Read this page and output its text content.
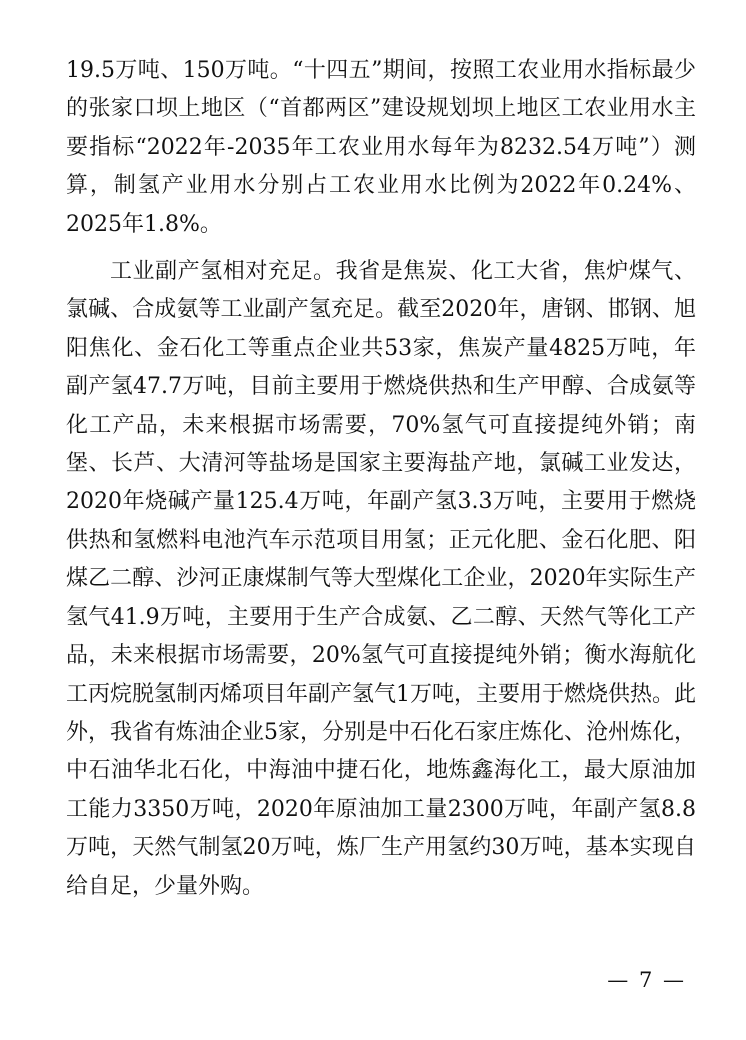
19.5万吨、150万吨。“十四五”期间，按照工农业用水指标最少的张家口坝上地区（“首都两区”建设规划坝上地区工农业用水主要指标“2022年-2035年工农业用水每年为8232.54万吨”）测算，制氢产业用水分别占工农业用水比例为2022年0.24%、2025年1.8%。

工业副产氢相对充足。我省是焦炭、化工大省，焦炉煤气、氯碱、合成氨等工业副产氢充足。截至2020年，唐钢、邯钢、旭阳焦化、金石化工等重点企业共53家，焦炭产量4825万吨，年副产氢47.7万吨，目前主要用于燃烧供热和生产甲醇、合成氨等化工产品，未来根据市场需要，70%氢气可直接提纯外销；南堡、长芦、大清河等盐场是国家主要海盐产地，氯碱工业发达，2020年烧碱产量125.4万吨，年副产氢3.3万吨，主要用于燃烧供热和氢燃料电池汽车示范项目用氢；正元化肥、金石化肥、阳煤乙二醇、沙河正康煤制气等大型煤化工企业，2020年实际生产氢气41.9万吨，主要用于生产合成氨、乙二醇、天然气等化工产品，未来根据市场需要，20%氢气可直接提纯外销；衡水海航化工丙烷脱氢制丙烯项目年副产氢气1万吨，主要用于燃烧供热。此外，我省有炼油企业5家，分别是中石化石家庄炼化、沧州炼化，中石油华北石化，中海油中捷石化，地炼鑫海化工，最大原油加工能力3350万吨，2020年原油加工量2300万吨，年副产氢8.8万吨，天然气制氢20万吨，炼厂生产用氢约30万吨，基本实现自给自足，少量外购。

— 7 —
